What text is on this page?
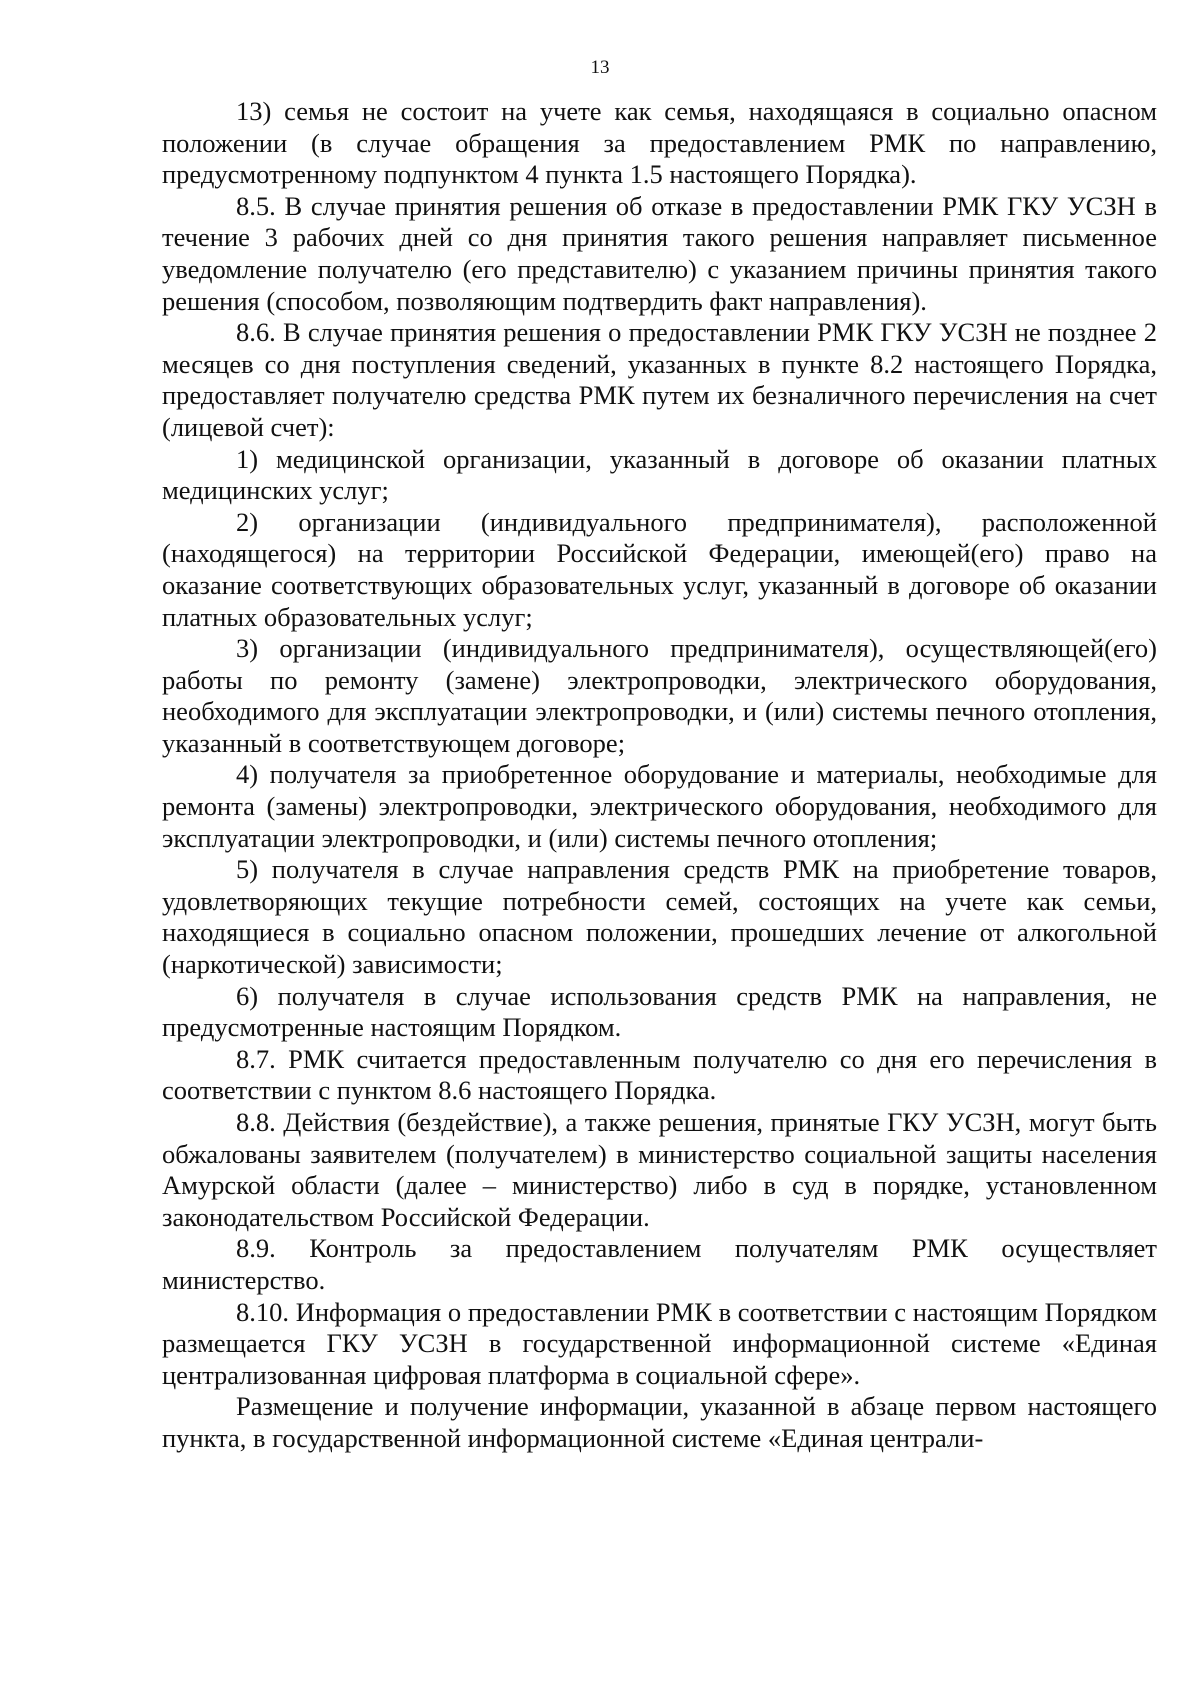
13

13) семья не состоит на учете как семья, находящаяся в социально опасном положении (в случае обращения за предоставлением РМК по направлению, предусмотренному подпунктом 4 пункта 1.5 настоящего Порядка).

8.5. В случае принятия решения об отказе в предоставлении РМК ГКУ УСЗН в течение 3 рабочих дней со дня принятия такого решения направляет письменное уведомление получателю (его представителю) с указанием причины принятия такого решения (способом, позволяющим подтвердить факт направления).

8.6. В случае принятия решения о предоставлении РМК ГКУ УСЗН не позднее 2 месяцев со дня поступления сведений, указанных в пункте 8.2 настоящего Порядка, предоставляет получателю средства РМК путем их безналичного перечисления на счет (лицевой счет):

1) медицинской организации, указанный в договоре об оказании платных медицинских услуг;

2) организации (индивидуального предпринимателя), расположенной (находящегося) на территории Российской Федерации, имеющей(его) право на оказание соответствующих образовательных услуг, указанный в договоре об оказании платных образовательных услуг;

3) организации (индивидуального предпринимателя), осуществляющей(его) работы по ремонту (замене) электропроводки, электрического оборудования, необходимого для эксплуатации электропроводки, и (или) системы печного отопления, указанный в соответствующем договоре;

4) получателя за приобретенное оборудование и материалы, необходимые для ремонта (замены) электропроводки, электрического оборудования, необходимого для эксплуатации электропроводки, и (или) системы печного отопления;

5) получателя в случае направления средств РМК на приобретение товаров, удовлетворяющих текущие потребности семей, состоящих на учете как семьи, находящиеся в социально опасном положении, прошедших лечение от алкогольной (наркотической) зависимости;

6) получателя в случае использования средств РМК на направления, не предусмотренные настоящим Порядком.

8.7. РМК считается предоставленным получателю со дня его перечисления в соответствии с пунктом 8.6 настоящего Порядка.

8.8. Действия (бездействие), а также решения, принятые ГКУ УСЗН, могут быть обжалованы заявителем (получателем) в министерство социальной защиты населения Амурской области (далее – министерство) либо в суд в порядке, установленном законодательством Российской Федерации.

8.9. Контроль за предоставлением получателям РМК осуществляет министерство.

8.10. Информация о предоставлении РМК в соответствии с настоящим Порядком размещается ГКУ УСЗН в государственной информационной системе «Единая централизованная цифровая платформа в социальной сфере».

Размещение и получение информации, указанной в абзаце первом настоящего пункта, в государственной информационной системе «Единая централи-
